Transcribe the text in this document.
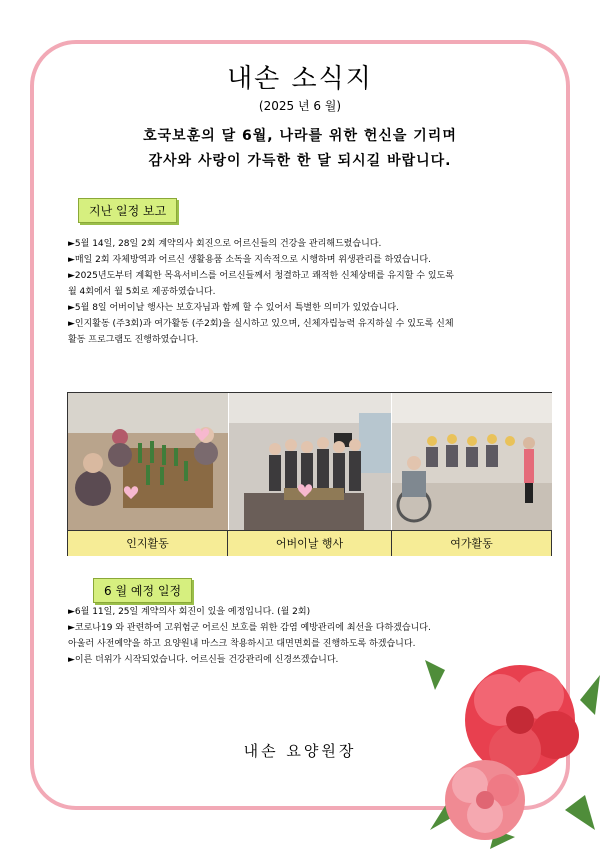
내손 소식지
(2025 년 6 월)
호국보훈의 달 6월, 나라를 위한 헌신을 기리며
감사와 사랑이 가득한 한 달 되시길 바랍니다.
지난 일정 보고
►5월 14일, 28일 2회 계약의사 회진으로 어르신들의 건강을 관리해드렸습니다.
►매일 2회 자체방역과 어르신 생활용품 소독을 지속적으로 시행하며 위생관리를 하였습니다.
►2025년도부터 계획한 목욕서비스를 어르신들께서 청결하고 쾌적한 신체상태를 유지할 수 있도록
월 4회에서 월 5회로 제공하였습니다.
►5월 8일 어버이날 행사는 보호자님과 함께 할 수 있어서 특별한 의미가 있었습니다.
►인지활동 (주3회)과 여가활동 (주2회)을 실시하고 있으며, 신체자립능력 유지하실 수 있도록 신체
활동 프로그램도 진행하였습니다.
인지활동	어버이날 행사	여가활동
6 월 예정 일정
►6월 11일, 25일 계약의사 회진이 있을 예정입니다. (월 2회)
►코로나19 와 관련하여 고위험군 어르신 보호를 위한 감염 예방관리에 최선을 다하겠습니다.
아울러 사전예약을 하고 요양원내 마스크 착용하시고 대면면회를 진행하도록 하겠습니다.
►이른 더위가 시작되었습니다. 어르신들 건강관리에 신경쓰겠습니다.
내손 요양원장
